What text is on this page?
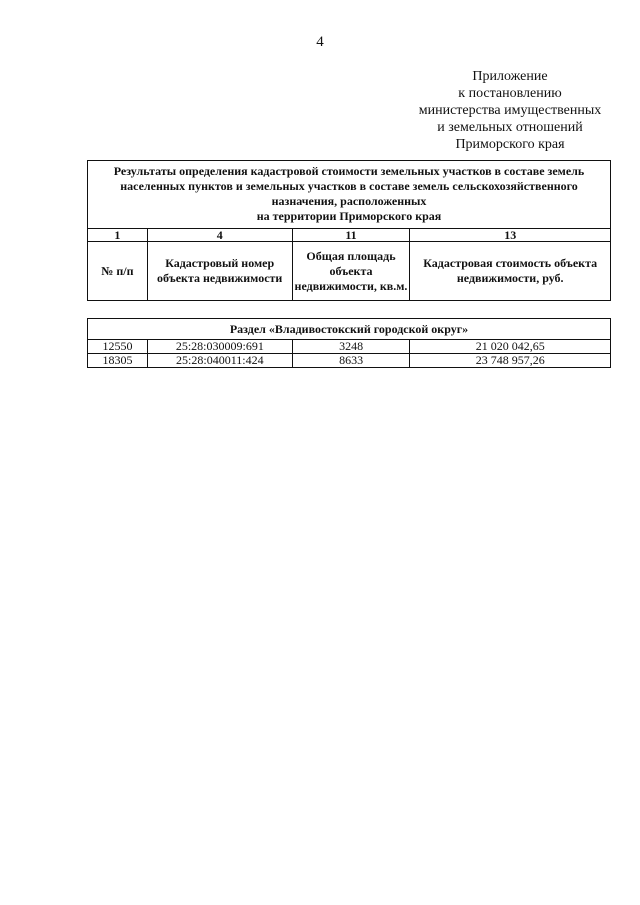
4
Приложение
к постановлению
министерства имущественных
и земельных отношений
Приморского края
Результаты определения кадастровой стоимости земельных участков в составе земель
населенных пунктов и земельных участков в составе земель сельскохозяйственного
назначения, расположенных
на территории Приморского края			

1	4	11	13
№ п/п	Кадастровый номер объекта недвижимости	Общая площадь объекта недвижимости, кв.м.	Кадастровая стоимость объекта недвижимости, руб.
Раздел «Владивостокский городской округ»			
12550	25:28:030009:691	3248	21 020 042,65
18305	25:28:040011:424	8633	23 748 957,26
